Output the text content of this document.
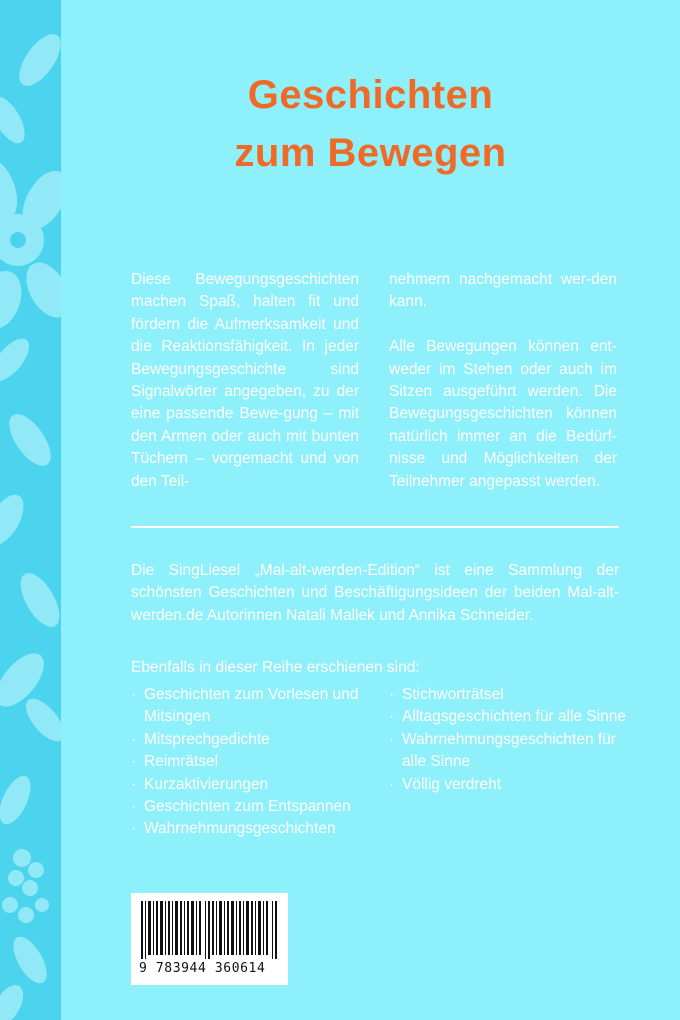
Geschichten
zum Bewegen

Diese Bewegungsgeschichten machen Spaß, halten fit und fördern die Aufmerksamkeit und die Reaktionsfähigkeit. In jeder Bewegungsgeschichte sind Signalwörter angegeben, zu der eine passende Bewe-gung – mit den Armen oder auch mit bunten Tüchern – vorgemacht und von den Teil-

nehmern nachgemacht wer-den kann.

Alle Bewegungen können ent-weder im Stehen oder auch im Sitzen ausgeführt werden. Die Bewegungsgeschichten können natürlich immer an die Bedürf-nisse und Möglichkeiten der Teilnehmer angepasst werden.

Die SingLiesel „Mal-alt-werden-Edition“ ist eine Sammlung der schönsten Geschichten und Beschäftigungsideen der beiden Mal-alt-werden.de Autorinnen Natali Mallek und Annika Schneider.

Ebenfalls in dieser Reihe erschienen sind:

· Geschichten zum Vorlesen und Mitsingen
· Mitsprechgedichte
· Reimrätsel
· Kurzaktivierungen
· Geschichten zum Entspannen
· Wahrnehmungsgeschichten
· Stichworträtsel
· Alltagsgeschichten für alle Sinne
· Wahrnehmungsgeschichten für alle Sinne
· Völlig verdreht

9 783944 360614
